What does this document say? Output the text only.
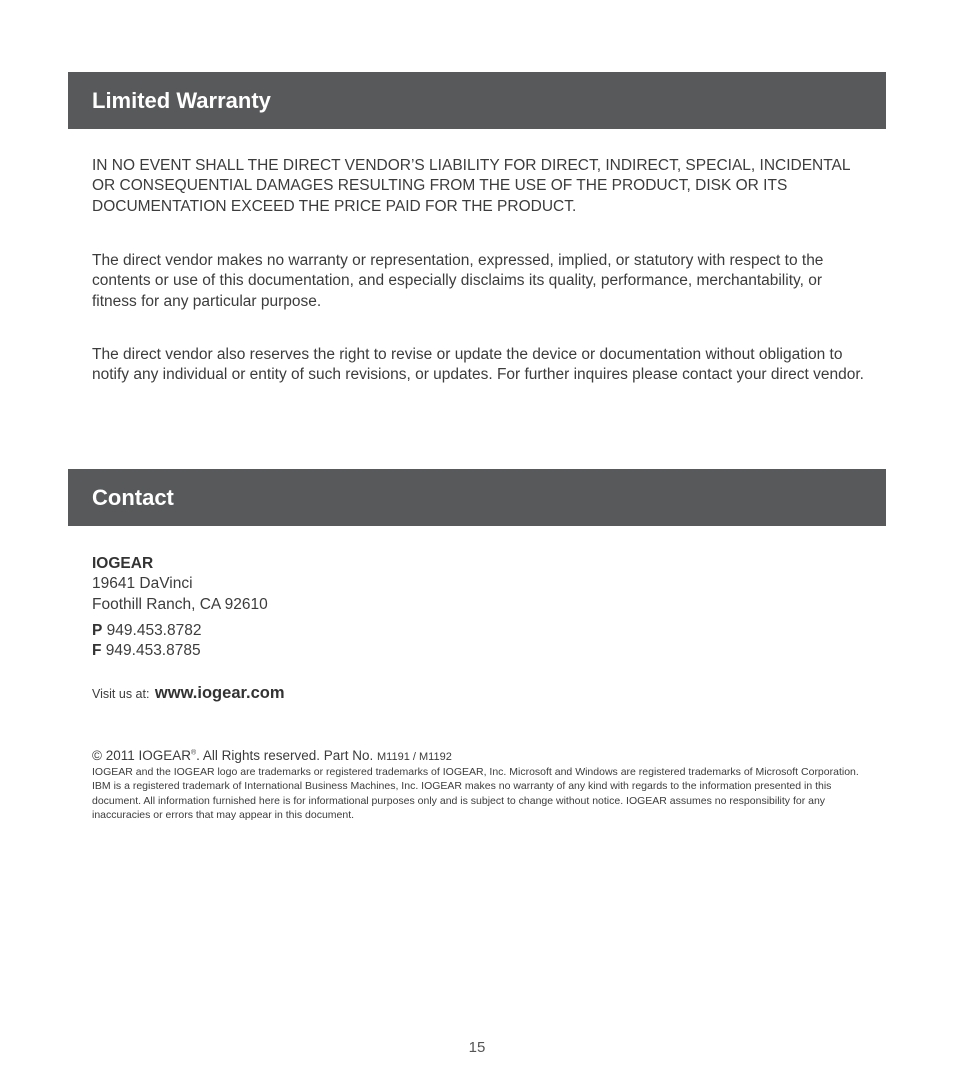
Limited Warranty

IN NO EVENT SHALL THE DIRECT VENDOR’S LIABILITY FOR DIRECT, INDIRECT, SPECIAL, INCIDENTAL OR CONSEQUENTIAL DAMAGES RESULTING FROM THE USE OF THE PRODUCT, DISK OR ITS DOCUMENTATION EXCEED THE PRICE PAID FOR THE PRODUCT.

The direct vendor makes no warranty or representation, expressed, implied, or statutory with respect to the contents or use of this documentation, and especially disclaims its quality, performance, merchantability, or fitness for any particular purpose.

The direct vendor also reserves the right to revise or update the device or documentation without obligation to notify any individual or entity of such revisions, or updates. For further inquires please contact your direct vendor.

Contact
IOGEAR
19641 DaVinci
Foothill Ranch, CA 92610
P 949.453.8782
F 949.453.8785
Visit us at: www.iogear.com
© 2011 IOGEAR®. All Rights reserved. Part No. M1191 / M1192

IOGEAR and the IOGEAR logo are trademarks or registered trademarks of IOGEAR, Inc. Microsoft and Windows are registered trademarks of Microsoft Corporation. IBM is a registered trademark of International Business Machines, Inc. IOGEAR makes no warranty of any kind with regards to the information presented in this document. All information furnished here is for informational purposes only and is subject to change without notice. IOGEAR assumes no responsibility for any inaccuracies or errors that may appear in this document.

15
